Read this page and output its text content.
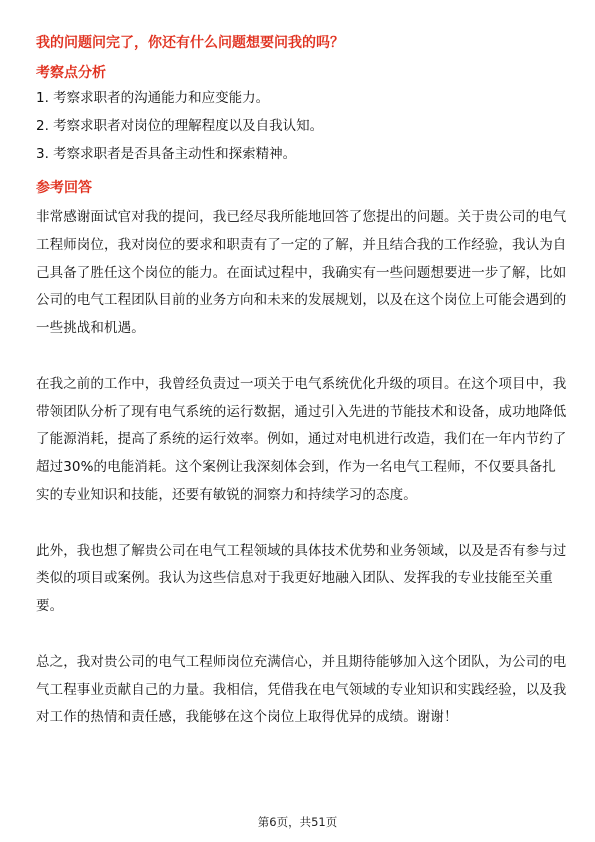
我的问题问完了，你还有什么问题想要问我的吗？
考察点分析
1. 考察求职者的沟通能力和应变能力。
2. 考察求职者对岗位的理解程度以及自我认知。
3. 考察求职者是否具备主动性和探索精神。
参考回答

非常感谢面试官对我的提问，我已经尽我所能地回答了您提出的问题。关于贵公司的电气工程师岗位，我对岗位的要求和职责有了一定的了解，并且结合我的工作经验，我认为自己具备了胜任这个岗位的能力。在面试过程中，我确实有一些问题想要进一步了解，比如公司的电气工程团队目前的业务方向和未来的发展规划，以及在这个岗位上可能会遇到的一些挑战和机遇。

在我之前的工作中，我曾经负责过一项关于电气系统优化升级的项目。在这个项目中，我带领团队分析了现有电气系统的运行数据，通过引入先进的节能技术和设备，成功地降低了能源消耗，提高了系统的运行效率。例如，通过对电机进行改造，我们在一年内节约了超过30%的电能消耗。这个案例让我深刻体会到，作为一名电气工程师，不仅要具备扎实的专业知识和技能，还要有敏锐的洞察力和持续学习的态度。

此外，我也想了解贵公司在电气工程领域的具体技术优势和业务领域，以及是否有参与过类似的项目或案例。我认为这些信息对于我更好地融入团队、发挥我的专业技能至关重要。

总之，我对贵公司的电气工程师岗位充满信心，并且期待能够加入这个团队，为公司的电气工程事业贡献自己的力量。我相信，凭借我在电气领域的专业知识和实践经验，以及我对工作的热情和责任感，我能够在这个岗位上取得优异的成绩。谢谢！

第6页，共51页
